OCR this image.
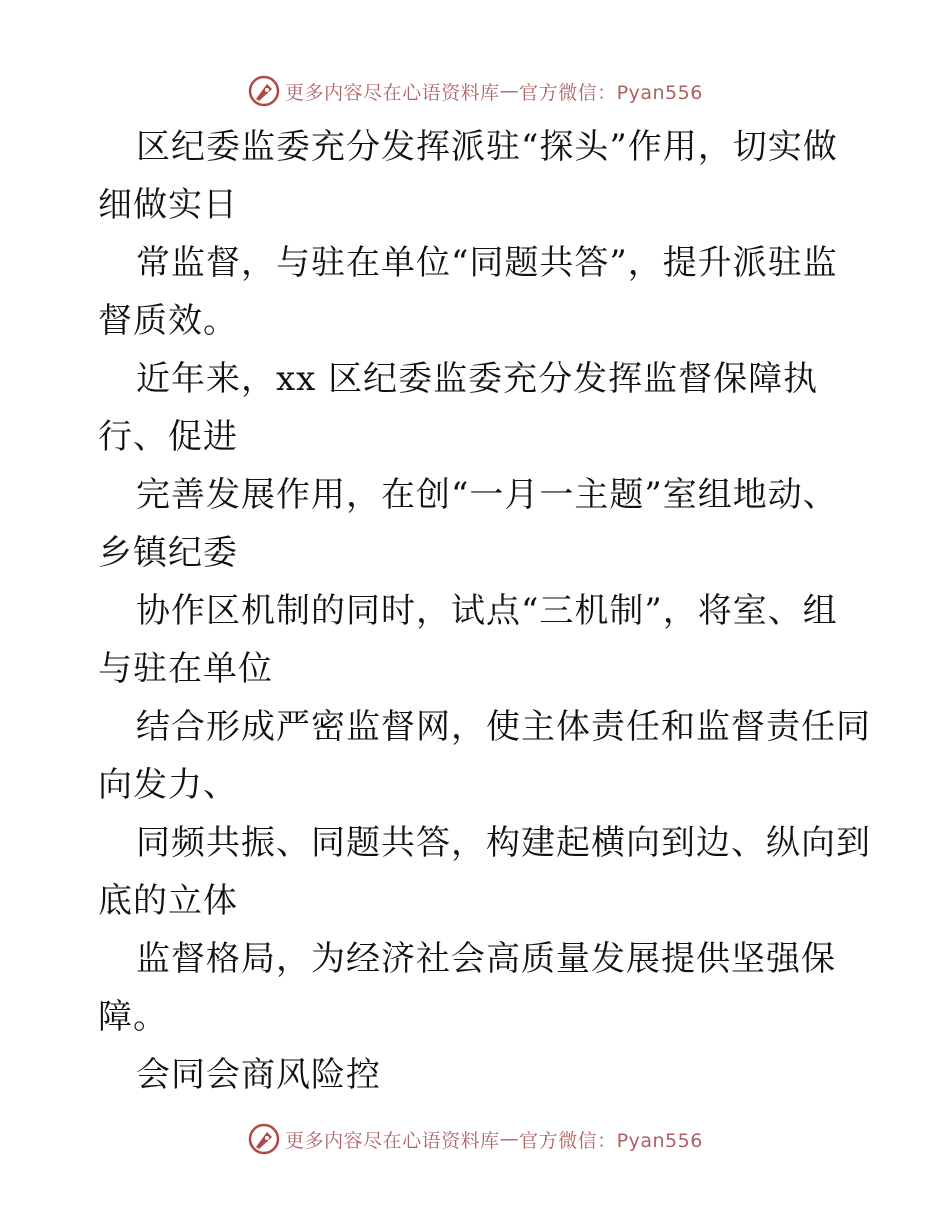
更多内容尽在心语资料库 — 官方微信：Pyan556
区纪委监委充分发挥派驻“探头”作用，切实做
细做实日
常监督，与驻在单位“同题共答”，提升派驻监
督质效。
近年来，xx 区纪委监委充分发挥监督保障执
行、促进
完善发展作用，在创“一月一主题”室组地动、
乡镇纪委
协作区机制的同时，试点“三机制”，将室、组
与驻在单位
结合形成严密监督网，使主体责任和监督责任同
向发力、
同频共振、同题共答，构建起横向到边、纵向到
底的立体
监督格局，为经济社会高质量发展提供坚强保
障。
会同会商风险控
更多内容尽在心语资料库 — 官方微信：Pyan556
